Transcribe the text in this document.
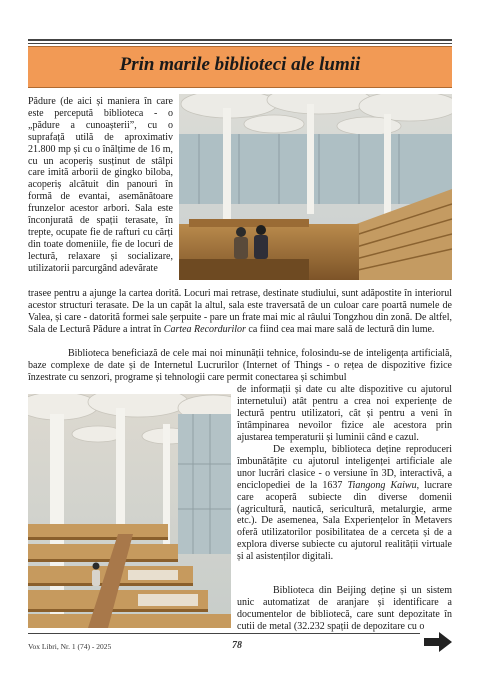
Prin marile biblioteci ale lumii

Pădure (de aici și maniera în care este percepută biblioteca - o „pădure a cunoașterii”, cu o suprafață utilă de aproximativ 21.800 mp și cu o înălțime de 16 m, cu un acoperiș susținut de stâlpi care imită arborii de gingko biloba, acoperiș alcătuit din panouri în formă de evantai, asemănătoare frunzelor acestor arbori. Sala este înconjurată de spații terasate, în trepte, ocupate fie de rafturi cu cărți din toate domeniile, fie de locuri de lectură, relaxare și socializare, utilizatorii parcurgând adevărate

trasee pentru a ajunge la cartea dorită. Locuri mai retrase, destinate studiului, sunt adăpostite în interiorul acestor structuri terasate. De la un capăt la altul, sala este traversată de un culoar care poartă numele de Valea, și care - datorită formei sale șerpuite - pare un frate mai mic al râului Tongzhou din zonă. De altfel, Sala de Lectură Pădure a intrat în Cartea Recordurilor ca fiind cea mai mare sală de lectură din lume.

Biblioteca beneficiază de cele mai noi minunății tehnice, folosindu-se de inteligența artificială, baze complexe de date și de Internetul Lucrurilor (Internet of Things - o rețea de dispozitive fizice înzestrate cu senzori, programe și tehnologii care permit conectarea și schimbul

de informații și date cu alte dispozitive cu ajutorul internetului) atât pentru a crea noi experiențe de lectură pentru utilizatori, cât și pentru a veni în întâmpinarea nevoilor fizice ale acestora prin ajustarea temperaturii și luminii când e cazul.

De exemplu, biblioteca deține reproduceri îmbunătățite cu ajutorul inteligenței artificiale ale unor lucrări clasice - o versiune în 3D, interactivă, a enciclopediei de la 1637 Tiangong Kaiwu, lucrare care acoperă subiecte din diverse domenii (agricultură, nautică, sericultură, metalurgie, arme etc.). De asemenea, Sala Experiențelor în Metavers oferă utilizatorilor posibilitatea de a cerceta și de a explora diverse subiecte cu ajutorul realității virtuale și al asistenților digitali.

Biblioteca din Beijing deține și un sistem unic automatizat de aranjare și identificare a documentelor de bibliotecă, care sunt depozitate în cutii de metal (32.232 spații de depozitare cu o

Vox Libri, Nr. 1 (74) - 2025	78
